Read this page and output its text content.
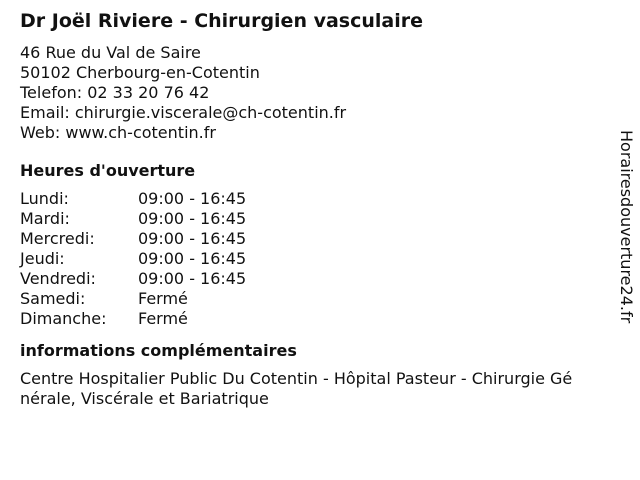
Dr Joël Riviere - Chirurgien vasculaire
46 Rue du Val de Saire
50102 Cherbourg-en-Cotentin
Telefon: 02 33 20 76 42
Email: chirurgie.viscerale@ch-cotentin.fr
Web: www.ch-cotentin.fr
Heures d'ouverture
Lundi:	09:00 - 16:45
Mardi:	09:00 - 16:45
Mercredi:	09:00 - 16:45
Jeudi:	09:00 - 16:45
Vendredi:	09:00 - 16:45
Samedi:	Fermé
Dimanche:	Fermé
informations complémentaires
Centre Hospitalier Public Du Cotentin - Hôpital Pasteur - Chirurgie Gé
nérale, Viscérale et Bariatrique
Horairesdouverture24.fr
